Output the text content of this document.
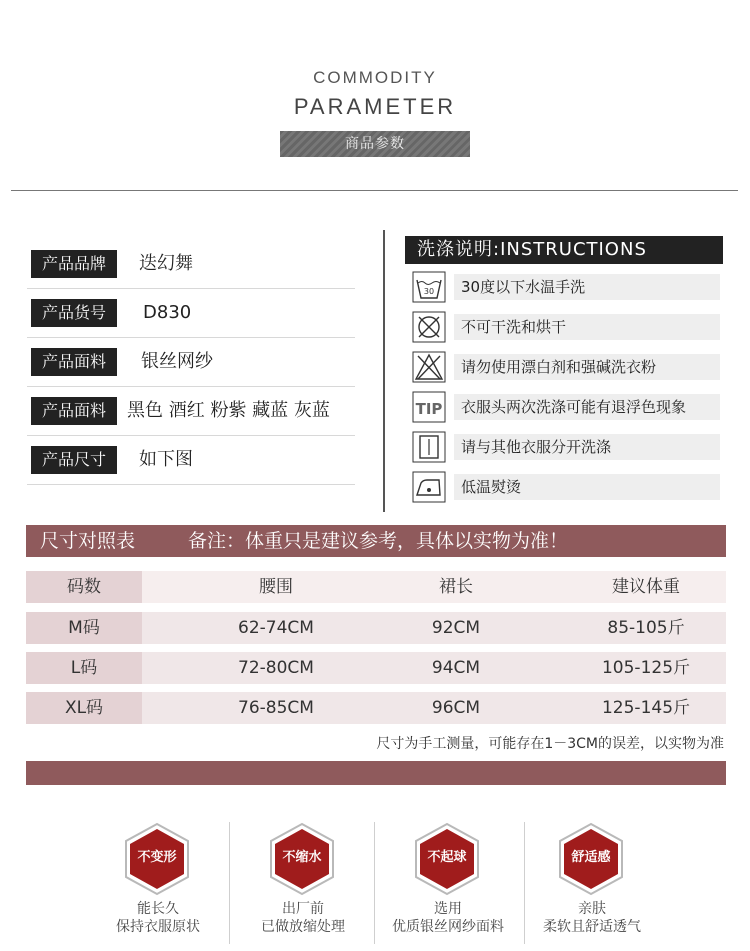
COMMODITY
PARAMETER
商品参数
产品品牌	迭幻舞
产品货号	D830
产品面料	银丝网纱
产品面料	黑色 酒红 粉紫 藏蓝 灰蓝
产品尺寸	如下图
洗涤说明:INSTRUCTIONS
30	30度以下水温手洗
不可干洗和烘干
请勿使用漂白剂和强碱洗衣粉
TIP	衣服头两次洗涤可能有退浮色现象
请与其他衣服分开洗涤
低温熨烫
尺寸对照表	备注：体重只是建议参考，具体以实物为准！
码数	腰围	裙长	建议体重
M码	62-74CM	92CM	85-105斤
L码	72-80CM	94CM	105-125斤
XL码	76-85CM	96CM	125-145斤
尺寸为手工测量，可能存在1－3CM的误差，以实物为准
不变形
能长久
保持衣服原状
不缩水
出厂前
已做放缩处理
不起球
选用
优质银丝网纱面料
舒适感
亲肤
柔软且舒适透气
